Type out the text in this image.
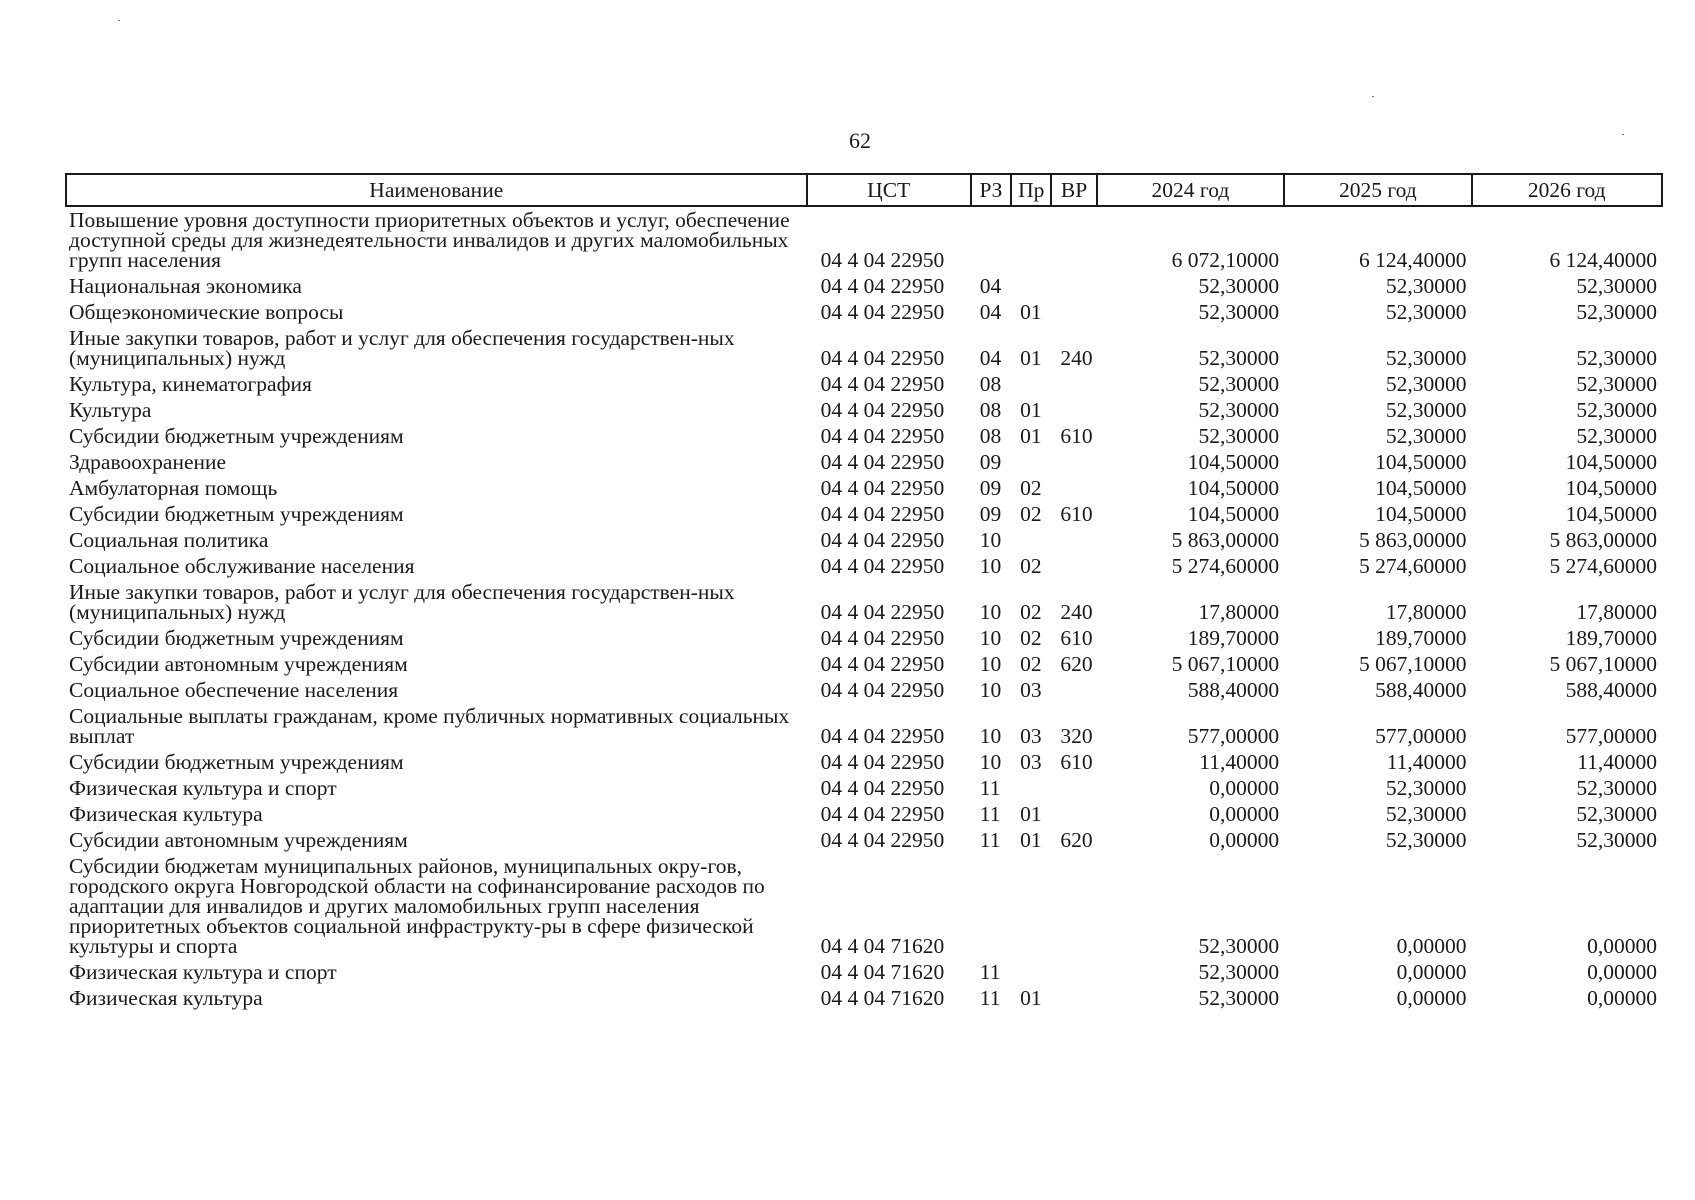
62
Наименование	ЦСТ	РЗ	Пр	ВР	2024 год	2025 год	2026 год
Повышение уровня доступности приоритетных объектов и услуг, обеспечение доступной среды для жизнедеятельности инвалидов и других маломобильных групп населения	04 4 04 22950				6 072,10000	6 124,40000	6 124,40000
Национальная экономика	04 4 04 22950	04			52,30000	52,30000	52,30000
Общеэкономические вопросы	04 4 04 22950	04	01		52,30000	52,30000	52,30000
Иные закупки товаров, работ и услуг для обеспечения государствен-ных (муниципальных) нужд	04 4 04 22950	04	01	240	52,30000	52,30000	52,30000
Культура, кинематография	04 4 04 22950	08			52,30000	52,30000	52,30000
Культура	04 4 04 22950	08	01		52,30000	52,30000	52,30000
Субсидии бюджетным учреждениям	04 4 04 22950	08	01	610	52,30000	52,30000	52,30000
Здравоохранение	04 4 04 22950	09			104,50000	104,50000	104,50000
Амбулаторная помощь	04 4 04 22950	09	02		104,50000	104,50000	104,50000
Субсидии бюджетным учреждениям	04 4 04 22950	09	02	610	104,50000	104,50000	104,50000
Социальная политика	04 4 04 22950	10			5 863,00000	5 863,00000	5 863,00000
Социальное обслуживание населения	04 4 04 22950	10	02		5 274,60000	5 274,60000	5 274,60000
Иные закупки товаров, работ и услуг для обеспечения государствен-ных (муниципальных) нужд	04 4 04 22950	10	02	240	17,80000	17,80000	17,80000
Субсидии бюджетным учреждениям	04 4 04 22950	10	02	610	189,70000	189,70000	189,70000
Субсидии автономным учреждениям	04 4 04 22950	10	02	620	5 067,10000	5 067,10000	5 067,10000
Социальное обеспечение населения	04 4 04 22950	10	03		588,40000	588,40000	588,40000
Социальные выплаты гражданам, кроме публичных нормативных социальных выплат	04 4 04 22950	10	03	320	577,00000	577,00000	577,00000
Субсидии бюджетным учреждениям	04 4 04 22950	10	03	610	11,40000	11,40000	11,40000
Физическая культура и спорт	04 4 04 22950	11			0,00000	52,30000	52,30000
Физическая культура	04 4 04 22950	11	01		0,00000	52,30000	52,30000
Субсидии автономным учреждениям	04 4 04 22950	11	01	620	0,00000	52,30000	52,30000
Субсидии бюджетам муниципальных районов, муниципальных окру-гов, городского округа Новгородской области на софинансирование расходов по адаптации для инвалидов и других маломобильных групп населения приоритетных объектов социальной инфраструкту-ры в сфере физической культуры и спорта	04 4 04 71620				52,30000	0,00000	0,00000
Физическая культура и спорт	04 4 04 71620	11			52,30000	0,00000	0,00000
Физическая культура	04 4 04 71620	11	01		52,30000	0,00000	0,00000
